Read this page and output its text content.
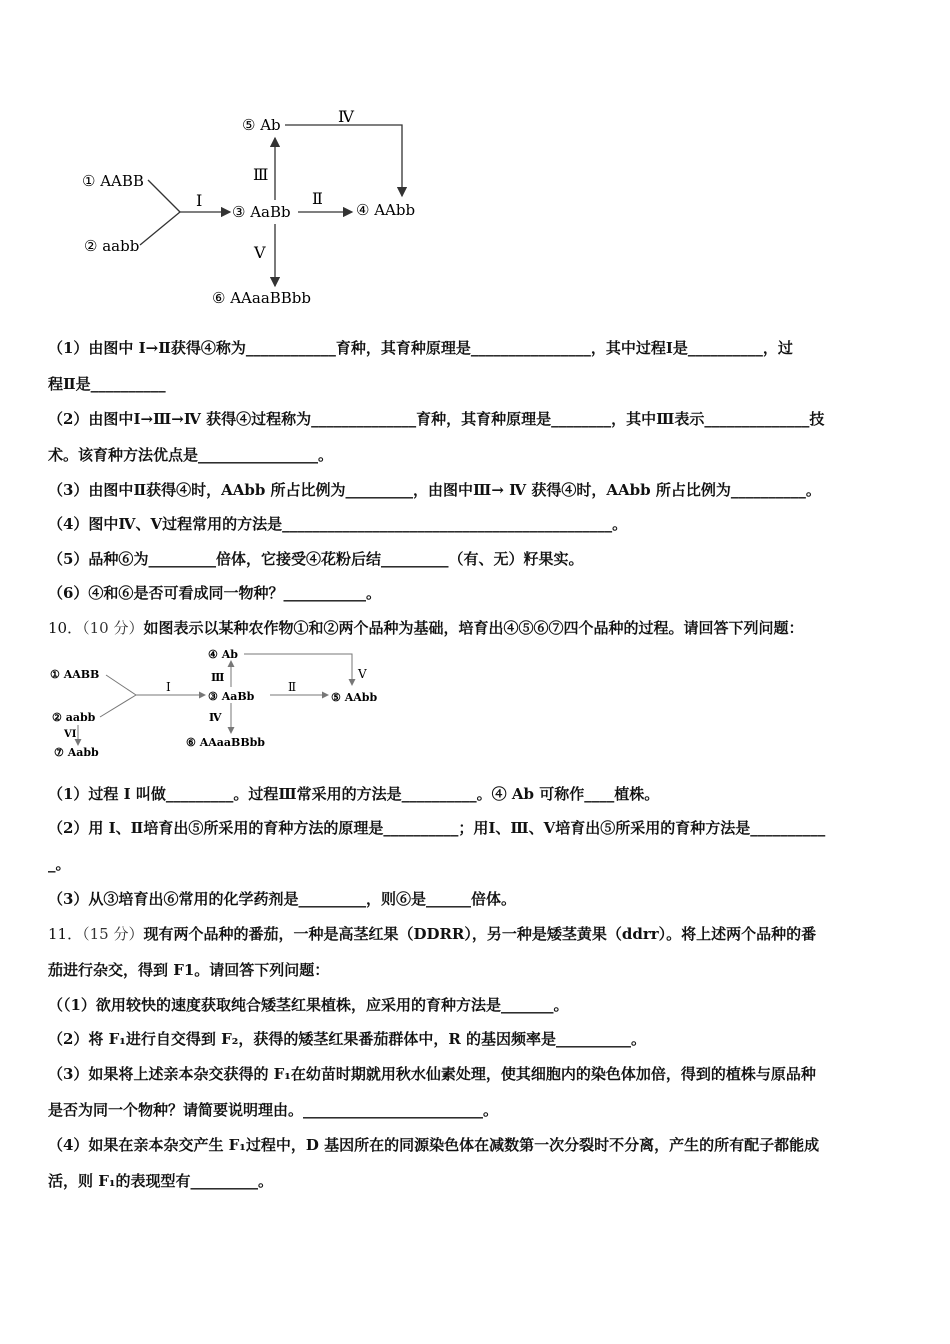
① AABB
② aabb
③ AaBb	④ AAbb
⑤ Ab
⑥ AAaaBBbb
Ⅰ	Ⅱ
Ⅲ
Ⅳ
Ⅴ
（1）由图中 Ⅰ→Ⅱ获得④称为____________育种，其育种原理是________________，其中过程Ⅰ是__________，过
程Ⅱ是__________
（2）由图中Ⅰ→Ⅲ→Ⅳ 获得④过程称为______________育种，其育种原理是________，其中Ⅲ表示______________技
术。该育种方法优点是________________。
（3）由图中Ⅱ获得④时，AAbb 所占比例为_________，由图中Ⅲ→ Ⅳ 获得④时，AAbb 所占比例为__________。
（4）图中Ⅳ、Ⅴ过程常用的方法是____________________________________________。
（5）品种⑥为_________倍体，它接受④花粉后结_________（有、无）籽果实。
（6）④和⑥是否可看成同一物种？___________。
10．（10 分）如图表示以某种农作物①和②两个品种为基础，培育出④⑤⑥⑦四个品种的过程。请回答下列问题：
① AABB
② aabb
⑦ Aabb
③ AaBb
④ Ab
⑤ AAbb
⑥ AAaaBBbb
I	Ⅱ
Ⅲ	V
Ⅳ
VI
（1）过程 I 叫做_________。过程Ⅲ常采用的方法是__________。④ Ab 可称作____植株。
（2）用 I、Ⅱ培育出⑤所采用的育种方法的原理是__________；用Ⅰ、Ⅲ、Ⅴ培育出⑤所采用的育种方法是__________
_。
（3）从③培育出⑥常用的化学药剂是_________，则⑥是______倍体。
11．（15 分）现有两个品种的番茄，一种是高茎红果（DDRR），另一种是矮茎黄果（ddrr）。将上述两个品种的番
茄进行杂交，得到 F1。请回答下列问题：
（（1）欲用较快的速度获取纯合矮茎红果植株，应采用的育种方法是_______。
（2）将 F₁进行自交得到 F₂，获得的矮茎红果番茄群体中，R 的基因频率是__________。
（3）如果将上述亲本杂交获得的 F₁在幼苗时期就用秋水仙素处理，使其细胞内的染色体加倍，得到的植株与原品种
是否为同一个物种？请简要说明理由。________________________。
（4）如果在亲本杂交产生 F₁过程中，D 基因所在的同源染色体在减数第一次分裂时不分离，产生的所有配子都能成
活，则 F₁的表现型有_________。
